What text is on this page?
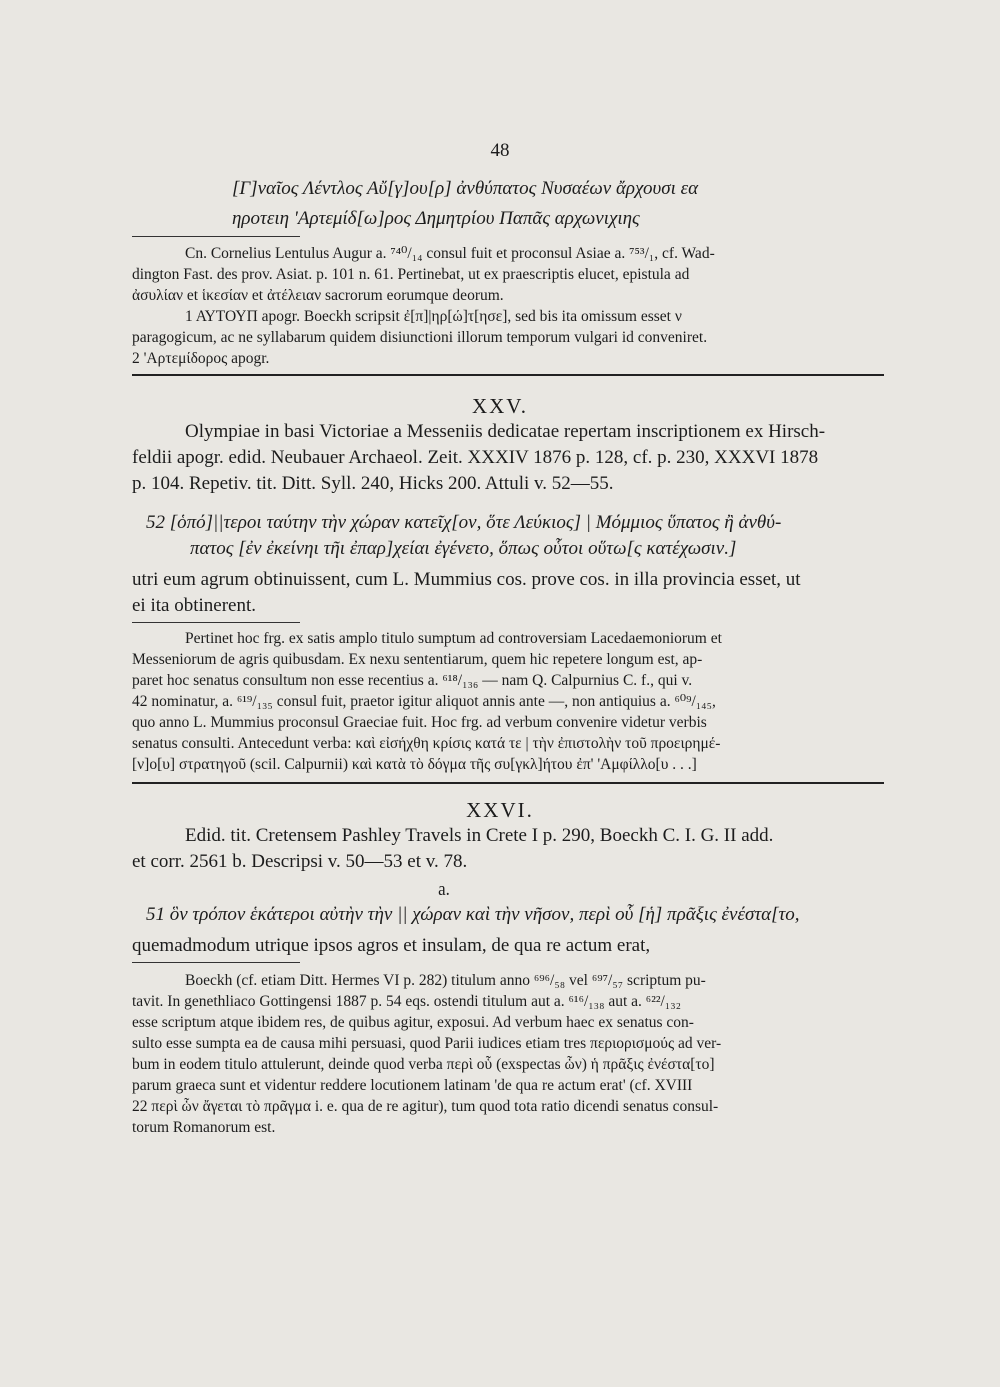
48
[Γ]ναῖος Λέντλος Αὔ[γ]ου[ρ] ἀνθύπατος Νυσαέων ἄρχουσι εα
ηροτειη 'Αρτεμίδ[ω]ρος Δημητρίου Παπᾶς αρχωνιχιης
Cn. Cornelius Lentulus Augur a. ⁷⁴⁰/₁₄ consul fuit et proconsul Asiae a. ⁷⁵³/₁, cf. Wad-
dington Fast. des prov. Asiat. p. 101 n. 61. Pertinebat, ut ex praescriptis elucet, epistula ad
ἀσυλίαν et ἱκεσίαν et ἀτέλειαν sacrorum eorumque deorum.
1 ΑΥΤΟΥΠ apogr. Boeckh scripsit ἐ[π]|ηρ[ώ]τ[ησε], sed bis ita omissum esset ν
paragogicum, ac ne syllabarum quidem disiunctioni illorum temporum vulgari id conveniret.
2 'Αρτεμίδορος apogr.
XXV.
Olympiae in basi Victoriae a Messeniis dedicatae repertam inscriptionem ex Hirsch-
feldii apogr. edid. Neubauer Archaeol. Zeit. XXXIV 1876 p. 128, cf. p. 230, XXXVI 1878
p. 104. Repetiv. tit. Ditt. Syll. 240, Hicks 200. Attuli v. 52—55.
52 [ὁπό]||τεροι ταύτην τὴν χώραν κατεῖχ[ον, ὅτε Λεύκιος] | Μόμμιος ὕπατος ἢ ἀνθύ-
πατος [ἐν ἐκείνηι τῆι ἐπαρ]χείαι ἐγένετο, ὅπως οὗτοι οὕτω[ς κατέχωσιν.]
utri eum agrum obtinuissent, cum L. Mummius cos. prove cos. in illa provincia esset, ut
ei ita obtinerent.
Pertinet hoc frg. ex satis amplo titulo sumptum ad controversiam Lacedaemoniorum et
Messeniorum de agris quibusdam. Ex nexu sententiarum, quem hic repetere longum est, ap-
paret hoc senatus consultum non esse recentius a. ⁶¹⁸/₁₃₆ — nam Q. Calpurnius C. f., qui v.
42 nominatur, a. ⁶¹⁹/₁₃₅ consul fuit, praetor igitur aliquot annis ante —, non antiquius a. ⁶⁰⁹/₁₄₅,
quo anno L. Mummius proconsul Graeciae fuit. Hoc frg. ad verbum convenire videtur verbis
senatus consulti. Antecedunt verba: καὶ εἰσήχθη κρίσις κατά τε | τὴν ἐπιστολὴν τοῦ προειρημέ-
[ν]ο[υ] στρατηγοῦ (scil. Calpurnii) καὶ κατὰ τὸ δόγμα τῆς συ[γκλ]ήτου ἐπ' 'Αμφίλλο[υ . . .]
XXVI.
Edid. tit. Cretensem Pashley Travels in Crete I p. 290, Boeckh C. I. G. II add.
et corr. 2561 b. Descripsi v. 50—53 et v. 78.
a.
51 ὃν τρόπον ἑκάτεροι αὐτὴν τὴν || χώραν καὶ τὴν νῆσον, περὶ οὗ [ἡ] πρᾶξις ἐνέστα[το,
quemadmodum utrique ipsos agros et insulam, de qua re actum erat,
Boeckh (cf. etiam Ditt. Hermes VI p. 282) titulum anno ⁶⁹⁶/₅₈ vel ⁶⁹⁷/₅₇ scriptum pu-
tavit. In genethliaco Gottingensi 1887 p. 54 eqs. ostendi titulum aut a. ⁶¹⁶/₁₃₈ aut a. ⁶²²/₁₃₂
esse scriptum atque ibidem res, de quibus agitur, exposui. Ad verbum haec ex senatus con-
sulto esse sumpta ea de causa mihi persuasi, quod Parii iudices etiam tres περιορισμούς ad ver-
bum in eodem titulo attulerunt, deinde quod verba περὶ οὗ (exspectas ὧν) ἡ πρᾶξις ἐνέστα[το]
parum graeca sunt et videntur reddere locutionem latinam 'de qua re actum erat' (cf. XVIII
22 περὶ ὧν ἄγεται τὸ πρᾶγμα i. e. qua de re agitur), tum quod tota ratio dicendi senatus consul-
torum Romanorum est.
